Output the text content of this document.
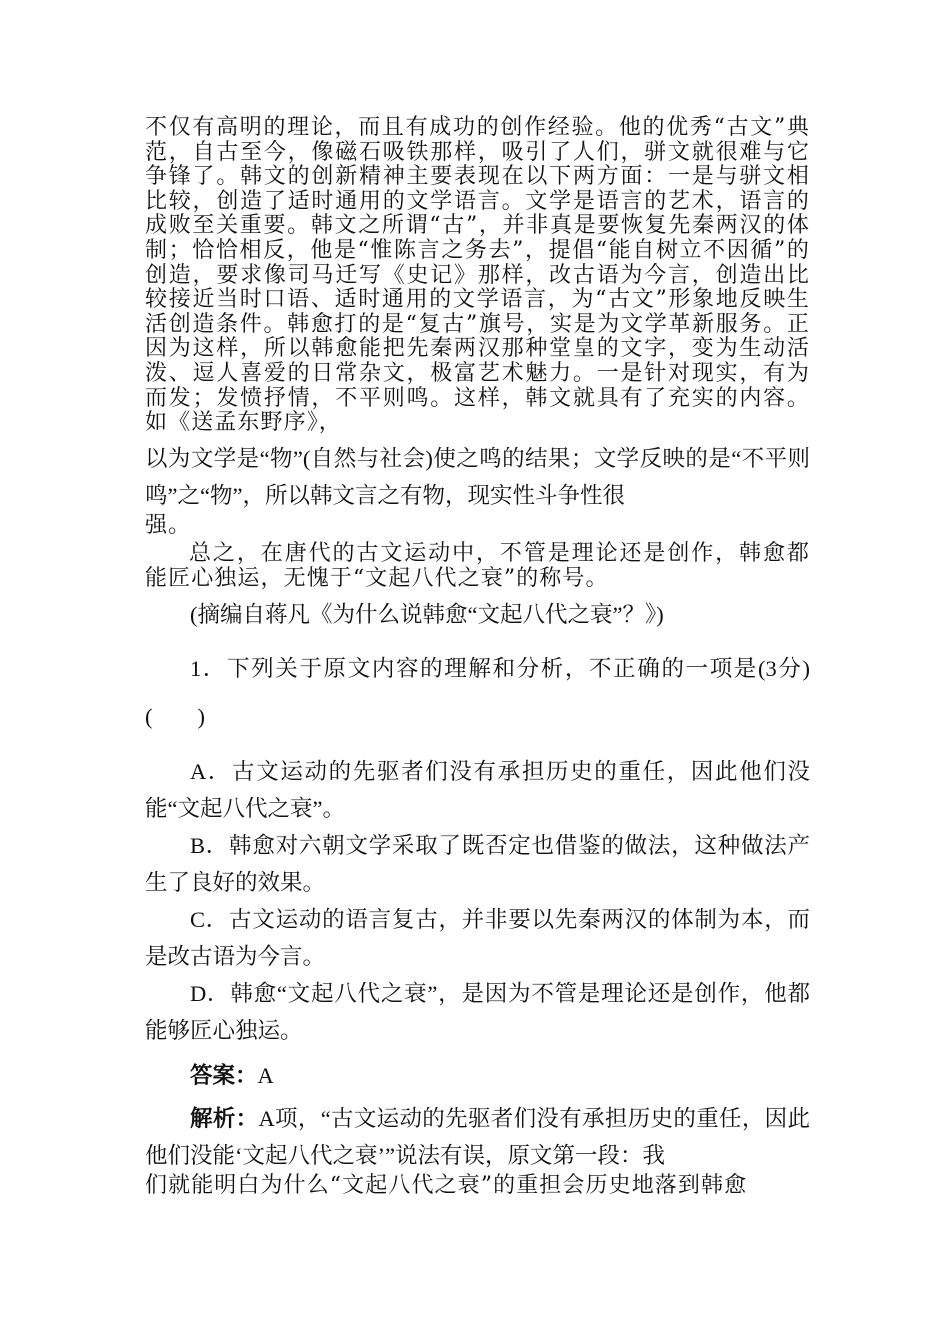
不仅有高明的理论，而且有成功的创作经验。他的优秀“古文”典范，自古至今，像磁石吸铁那样，吸引了人们，骈文就很难与它争锋了。韩文的创新精神主要表现在以下两方面：一是与骈文相比较，创造了适时通用的文学语言。文学是语言的艺术，语言的成败至关重要。韩文之所谓“古”，并非真是要恢复先秦两汉的体制；恰恰相反，他是“惟陈言之务去”，提倡“能自树立不因循”的创造，要求像司马迁写《史记》那样，改古语为今言，创造出比较接近当时口语、适时通用的文学语言，为“古文”形象地反映生活创造条件。韩愈打的是“复古”旗号，实是为文学革新服务。正因为这样，所以韩愈能把先秦两汉那种堂皇的文字，变为生动活泼、逗人喜爱的日常杂文，极富艺术魅力。一是针对现实，有为而发；发愤抒情，不平则鸣。这样，韩文就具有了充实的内容。如《送孟东野序》，

以为文学是“物”(自然与社会)使之鸣的结果；文学反映的是“不平则鸣”之“物”，所以韩文言之有物，现实性斗争性很

强。

总之，在唐代的古文运动中，不管是理论还是创作，韩愈都能匠心独运，无愧于“文起八代之衰”的称号。

(摘编自蒋凡《为什么说韩愈“文起八代之衰”？》)

1．下列关于原文内容的理解和分析，不正确的一项是(3分)(　　)

A．古文运动的先驱者们没有承担历史的重任，因此他们没能“文起八代之衰”。

B．韩愈对六朝文学采取了既否定也借鉴的做法，这种做法产生了良好的效果。

C．古文运动的语言复古，并非要以先秦两汉的体制为本，而是改古语为今言。

D．韩愈“文起八代之衰”，是因为不管是理论还是创作，他都能够匠心独运。

答案：A

解析：A项，“古文运动的先驱者们没有承担历史的重任，因此他们没能‘文起八代之衰’”说法有误，原文第一段：我

们就能明白为什么“文起八代之衰”的重担会历史地落到韩愈
